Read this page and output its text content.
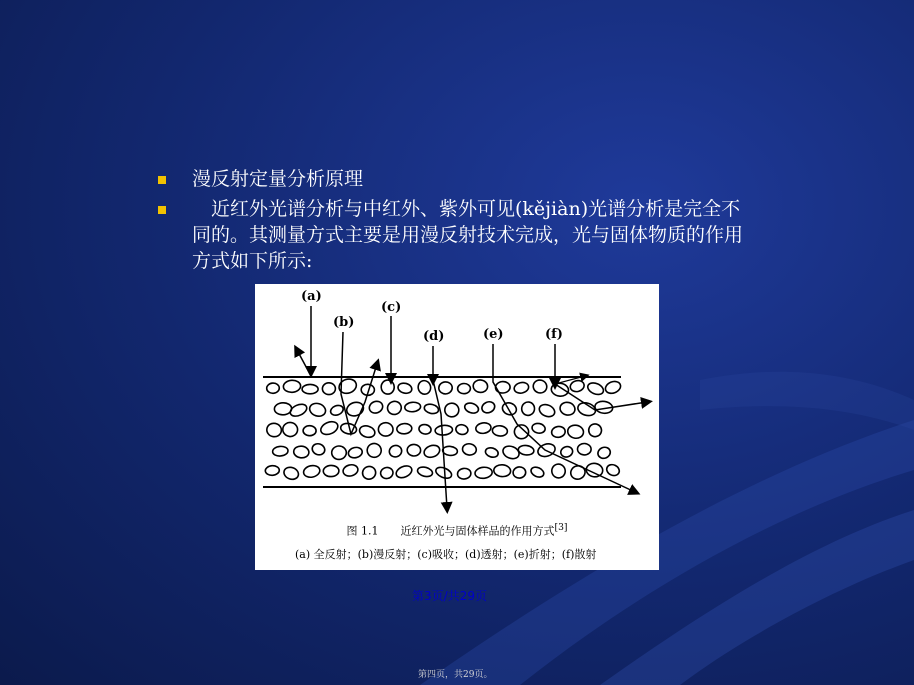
漫反射定量分析原理
　近红外光谱分析与中红外、紫外可见(kějiàn)光谱分析是完全不同的。其测量方式主要是用漫反射技术完成，光与固体物质的作用方式如下所示:
(a)
(b)
(c)
(d)	(e)	(f)
图 1.1　　近红外光与固体样品的作用方式[3]
(a) 全反射；(b)漫反射；(c)吸收；(d)透射；(e)折射；(f)散射
第3页/共29页
第四页，共29页。
